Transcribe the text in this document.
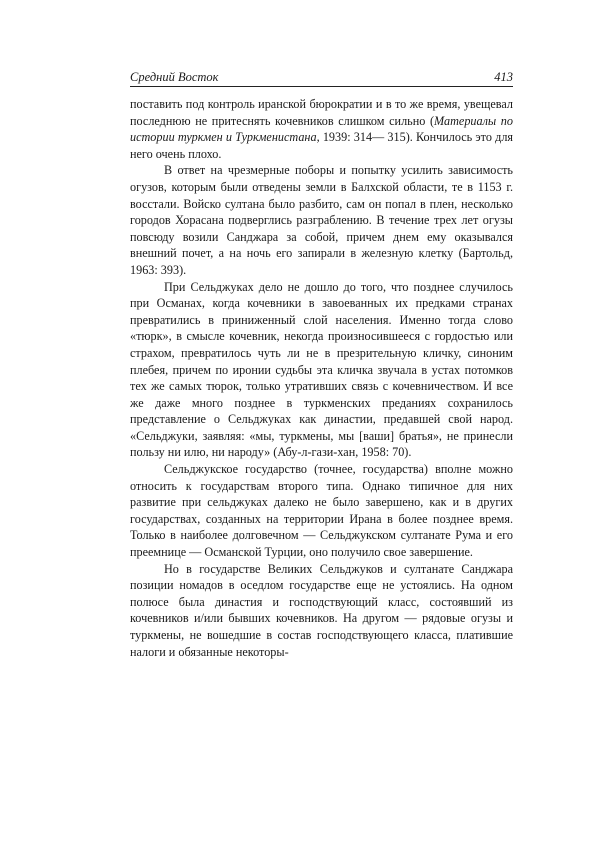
Средний Восток	413

поставить под контроль иранской бюрократии и в то же время, увещевал последнюю не притеснять кочевников слишком сильно (Материалы по истории туркмен и Туркменистана, 1939: 314— 315). Кончилось это для него очень плохо.

В ответ на чрезмерные поборы и попытку усилить зависимость огузов, которым были отведены земли в Балхской области, те в 1153 г. восстали. Войско султана было разбито, сам он попал в плен, несколько городов Хорасана подверглись разграблению. В течение трех лет огузы повсюду возили Санджара за собой, причем днем ему оказывался внешний почет, а на ночь его запирали в железную клетку (Бартольд, 1963: 393).

При Сельджуках дело не дошло до того, что позднее случилось при Османах, когда кочевники в завоеванных их предками странах превратились в приниженный слой населения. Именно тогда слово «тюрк», в смысле кочевник, некогда произносившееся с гордостью или страхом, превратилось чуть ли не в презрительную кличку, синоним плебея, причем по иронии судьбы эта кличка звучала в устах потомков тех же самых тюрок, только утративших связь с кочевничеством. И все же даже много позднее в туркменских преданиях сохранилось представление о Сельджуках как династии, предавшей свой народ. «Сельджуки, заявляя: «мы, туркмены, мы [ваши] братья», не принесли пользу ни илю, ни народу» (Абу-л-гази-хан, 1958: 70).

Сельджукское государство (точнее, государства) вполне можно относить к государствам второго типа. Однако типичное для них развитие при сельджуках далеко не было завершено, как и в других государствах, созданных на территории Ирана в более позднее время. Только в наиболее долговечном — Сельджукском султанате Рума и его преемнице — Османской Турции, оно получило свое завершение.

Но в государстве Великих Сельджуков и султанате Санджара позиции номадов в оседлом государстве еще не устоялись. На одном полюсе была династия и господствующий класс, состоявший из кочевников и/или бывших кочевников. На другом — рядовые огузы и туркмены, не вошедшие в состав господствующего класса, платившие налоги и обязанные некоторы-
